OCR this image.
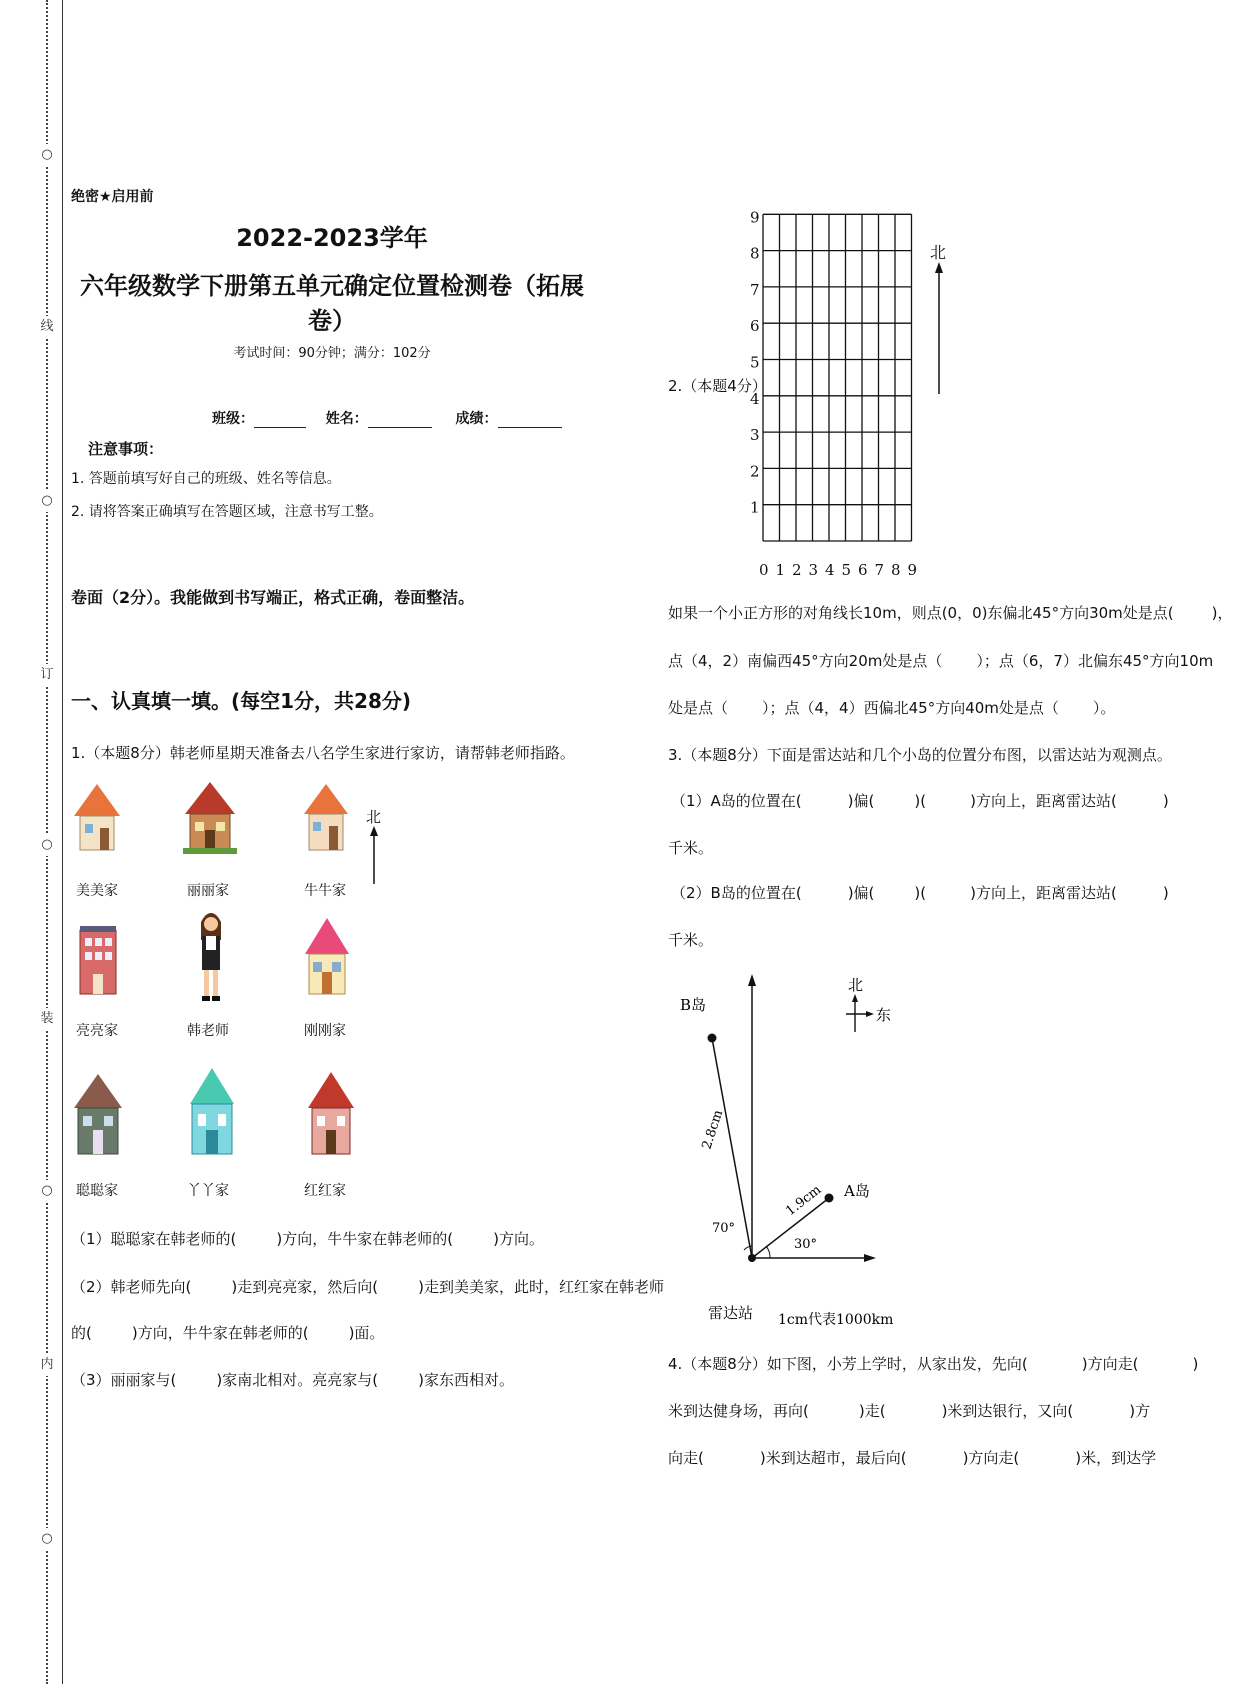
○
线
○
订
○
装
○
内
○
绝密★启用前
2022-2023学年
六年级数学下册第五单元确定位置检测卷（拓展卷）
考试时间：90分钟；满分：102分
班级：	姓名：	成绩：
注意事项：
1. 答题前填写好自己的班级、姓名等信息。
2. 请将答案正确填写在答题区域，注意书写工整。
卷面（2分）。我能做到书写端正，格式正确，卷面整洁。
一、认真填一填。(每空1分，共28分)
1.（本题8分）韩老师星期天准备去八名学生家进行家访，请帮韩老师指路。
美美家	丽丽家	牛牛家
北
亮亮家	韩老师	刚刚家
聪聪家	丫丫家	红红家
（1）聪聪家在韩老师的(	)方向，牛牛家在韩老师的(	)方向。
（2）韩老师先向(	)走到亮亮家，然后向(	)走到美美家，此时，红红家在韩老师
的(	)方向，牛牛家在韩老师的(	)面。
（3）丽丽家与(	)家南北相对。亮亮家与(	)家东西相对。
2.（本题4分）
1
2
3
4
5
6
7
8
9
0 1 2 3 4 5 6 7 8 9
北
如果一个小正方形的对角线长10m，则点(0，0)东偏北45°方向30m处是点(	)，
点（4，2）南偏西45°方向20m处是点（ ）；点（6，7）北偏东45°方向10m
处是点（ ）；点（4，4）西偏北45°方向40m处是点（ ）。
3.（本题8分）下面是雷达站和几个小岛的位置分布图，以雷达站为观测点。
（1）A岛的位置在(	)偏(	)(	)方向上，距离雷达站(	)
千米。
（2）B岛的位置在(	)偏(	)(	)方向上，距离雷达站(	)
千米。
B岛
A岛
雷达站
2.8cm
1.9cm
70°
30°
1cm代表1000km
北
东
4.（本题8分）如下图，小芳上学时，从家出发，先向(	)方向走(	)
米到达健身场，再向(	)走(	)米到达银行，又向(	)方
向走(	)米到达超市，最后向(	)方向走(	)米，到达学
